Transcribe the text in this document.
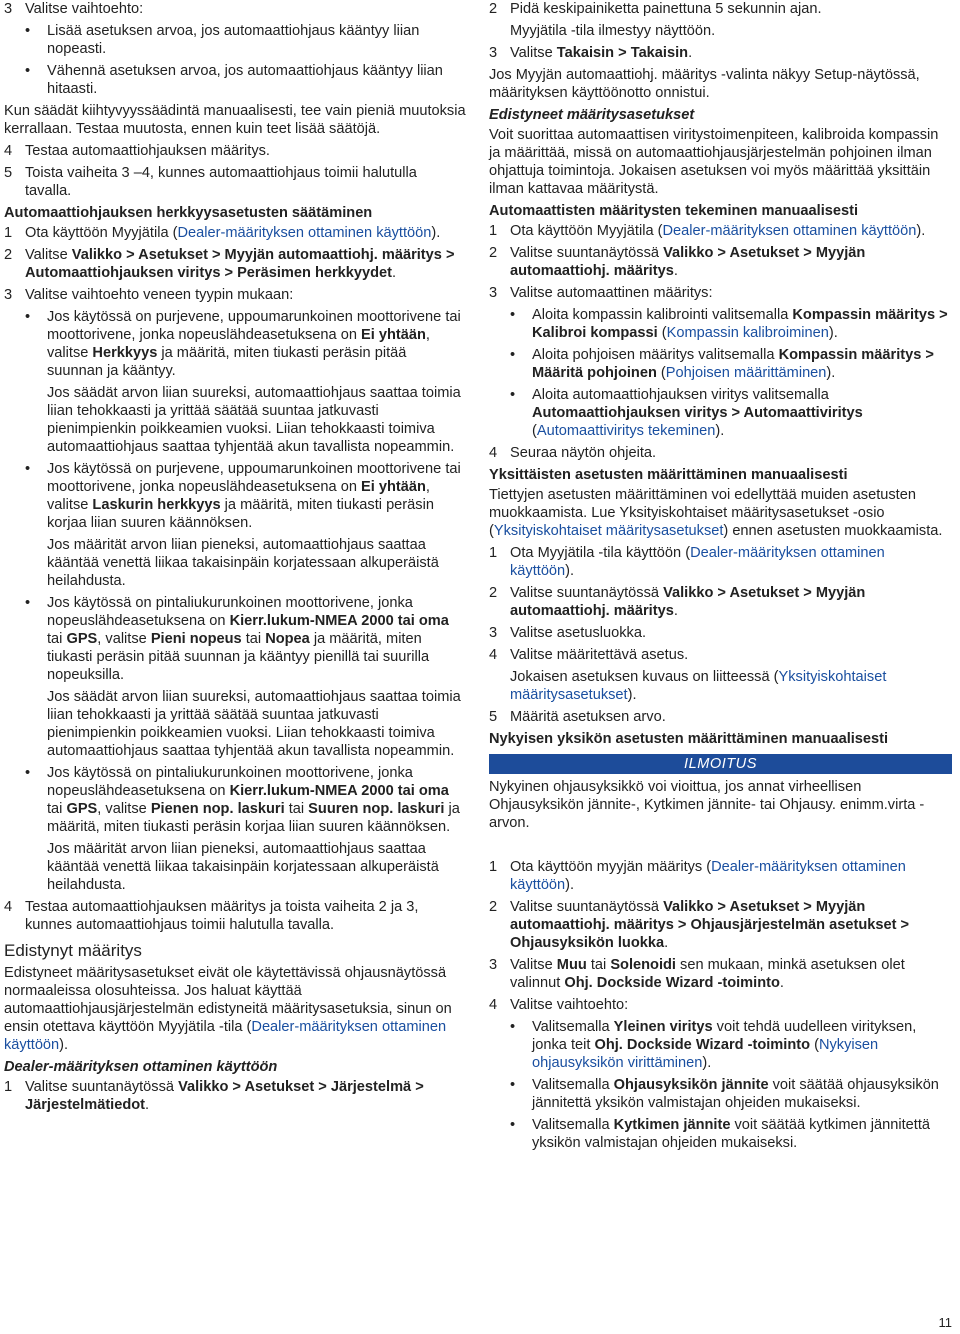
3 Valitse vaihtoehto:
• Lisää asetuksen arvoa, jos automaattiohjaus kääntyy liian nopeasti.
• Vähennä asetuksen arvoa, jos automaattiohjaus kääntyy liian hitaasti.

Kun säädät kiihtyvyyssäädintä manuaalisesti, tee vain pieniä muutoksia kerrallaan. Testaa muutosta, ennen kuin teet lisää säätöjä.

4 Testaa automaattiohjauksen määritys.
5 Toista vaiheita 3 –4, kunnes automaattiohjaus toimii halutulla tavalla.

Automaattiohjauksen herkkyysasetusten säätäminen

1 Ota käyttöön Myyjätila (Dealer-määrityksen ottaminen käyttöön).
2 Valitse Valikko > Asetukset > Myyjän automaattiohj. määritys > Automaattiohjauksen viritys > Peräsimen herkkyydet.
3 Valitse vaihtoehto veneen tyypin mukaan:
• Jos käytössä on purjevene, uppoumarunkoinen moottorivene tai moottorivene, jonka nopeuslähdeasetuksena on Ei yhtään, valitse Herkkyys ja määritä, miten tiukasti peräsin pitää suunnan ja kääntyy.

Jos säädät arvon liian suureksi, automaattiohjaus saattaa toimia liian tehokkaasti ja yrittää säätää suuntaa jatkuvasti pienimpienkin poikkeamien vuoksi. Liian tehokkaasti toimiva automaattiohjaus saattaa tyhjentää akun tavallista nopeammin.

• Jos käytössä on purjevene, uppoumarunkoinen moottorivene tai moottorivene, jonka nopeuslähdeasetuksena on Ei yhtään, valitse Laskurin herkkyys ja määritä, miten tiukasti peräsin korjaa liian suuren käännöksen.

Jos määrität arvon liian pieneksi, automaattiohjaus saattaa kääntää venettä liikaa takaisinpäin korjatessaan alkuperäistä heilahdusta.

• Jos käytössä on pintaliukurunkoinen moottorivene, jonka nopeuslähdeasetuksena on Kierr.lukum-NMEA 2000 tai oma tai GPS, valitse Pieni nopeus tai Nopea ja määritä, miten tiukasti peräsin pitää suunnan ja kääntyy pienillä tai suurilla nopeuksilla.

Jos säädät arvon liian suureksi, automaattiohjaus saattaa toimia liian tehokkaasti ja yrittää säätää suuntaa jatkuvasti pienimpienkin poikkeamien vuoksi. Liian tehokkaasti toimiva automaattiohjaus saattaa tyhjentää akun tavallista nopeammin.

• Jos käytössä on pintaliukurunkoinen moottorivene, jonka nopeuslähdeasetuksena on Kierr.lukum-NMEA 2000 tai oma tai GPS, valitse Pienen nop. laskuri tai Suuren nop. laskuri ja määritä, miten tiukasti peräsin korjaa liian suuren käännöksen.

Jos määrität arvon liian pieneksi, automaattiohjaus saattaa kääntää venettä liikaa takaisinpäin korjatessaan alkuperäistä heilahdusta.

4 Testaa automaattiohjauksen määritys ja toista vaiheita 2 ja 3, kunnes automaattiohjaus toimii halutulla tavalla.

Edistynyt määritys

Edistyneet määritysasetukset eivät ole käytettävissä ohjausnäytössä normaaleissa olosuhteissa. Jos haluat käyttää automaattiohjausjärjestelmän edistyneitä määritysasetuksia, sinun on ensin otettava käyttöön Myyjätila -tila (Dealer-määrityksen ottaminen käyttöön).

Dealer-määrityksen ottaminen käyttöön

1 Valitse suuntanäytössä Valikko > Asetukset > Järjestelmä > Järjestelmätiedot.
2 Pidä keskipainiketta painettuna 5 sekunnin ajan.

Myyjätila -tila ilmestyy näyttöön.

3 Valitse Takaisin > Takaisin.

Jos Myyjän automaattiohj. määritys -valinta näkyy Setup-näytössä, määrityksen käyttöönotto onnistui.

Edistyneet määritysasetukset

Voit suorittaa automaattisen viritystoimenpiteen, kalibroida kompassin ja määrittää, missä on automaattiohjausjärjestelmän pohjoinen ilman ohjattuja toimintoja. Jokaisen asetuksen voi myös määrittää yksittäin ilman kattavaa määritystä.

Automaattisten määritysten tekeminen manuaalisesti

1 Ota käyttöön Myyjätila (Dealer-määrityksen ottaminen käyttöön).
2 Valitse suuntanäytössä Valikko > Asetukset > Myyjän automaattiohj. määritys.
3 Valitse automaattinen määritys:
• Aloita kompassin kalibrointi valitsemalla Kompassin määritys > Kalibroi kompassi (Kompassin kalibroiminen).
• Aloita pohjoisen määritys valitsemalla Kompassin määritys > Määritä pohjoinen (Pohjoisen määrittäminen).
• Aloita automaattiohjauksen viritys valitsemalla Automaattiohjauksen viritys > Automaattiviritys (Automaattiviritys tekeminen).
4 Seuraa näytön ohjeita.

Yksittäisten asetusten määrittäminen manuaalisesti

Tiettyjen asetusten määrittäminen voi edellyttää muiden asetusten muokkaamista. Lue Yksityiskohtaiset määritysasetukset -osio (Yksityiskohtaiset määritysasetukset) ennen asetusten muokkaamista.

1 Ota Myyjätila -tila käyttöön (Dealer-määrityksen ottaminen käyttöön).
2 Valitse suuntanäytössä Valikko > Asetukset > Myyjän automaattiohj. määritys.
3 Valitse asetusluokka.
4 Valitse määritettävä asetus.

Jokaisen asetuksen kuvaus on liitteessä (Yksityiskohtaiset määritysasetukset).

5 Määritä asetuksen arvo.

Nykyisen yksikön asetusten määrittäminen manuaalisesti

ILMOITUS

Nykyinen ohjausyksikkö voi vioittua, jos annat virheellisen Ohjausyksikön jännite-, Kytkimen jännite- tai Ohjausy. enimm.virta -arvon.

1 Ota käyttöön myyjän määritys (Dealer-määrityksen ottaminen käyttöön).
2 Valitse suuntanäytössä Valikko > Asetukset > Myyjän automaattiohj. määritys > Ohjausjärjestelmän asetukset > Ohjausyksikön luokka.
3 Valitse Muu tai Solenoidi sen mukaan, minkä asetuksen olet valinnut Ohj. Dockside Wizard -toiminto.
4 Valitse vaihtoehto:
• Valitsemalla Yleinen viritys voit tehdä uudelleen virityksen, jonka teit Ohj. Dockside Wizard -toiminto (Nykyisen ohjausyksikön virittäminen).
• Valitsemalla Ohjausyksikön jännite voit säätää ohjausyksikön jännitettä yksikön valmistajan ohjeiden mukaiseksi.
• Valitsemalla Kytkimen jännite voit säätää kytkimen jännitettä yksikön valmistajan ohjeiden mukaiseksi.
11
